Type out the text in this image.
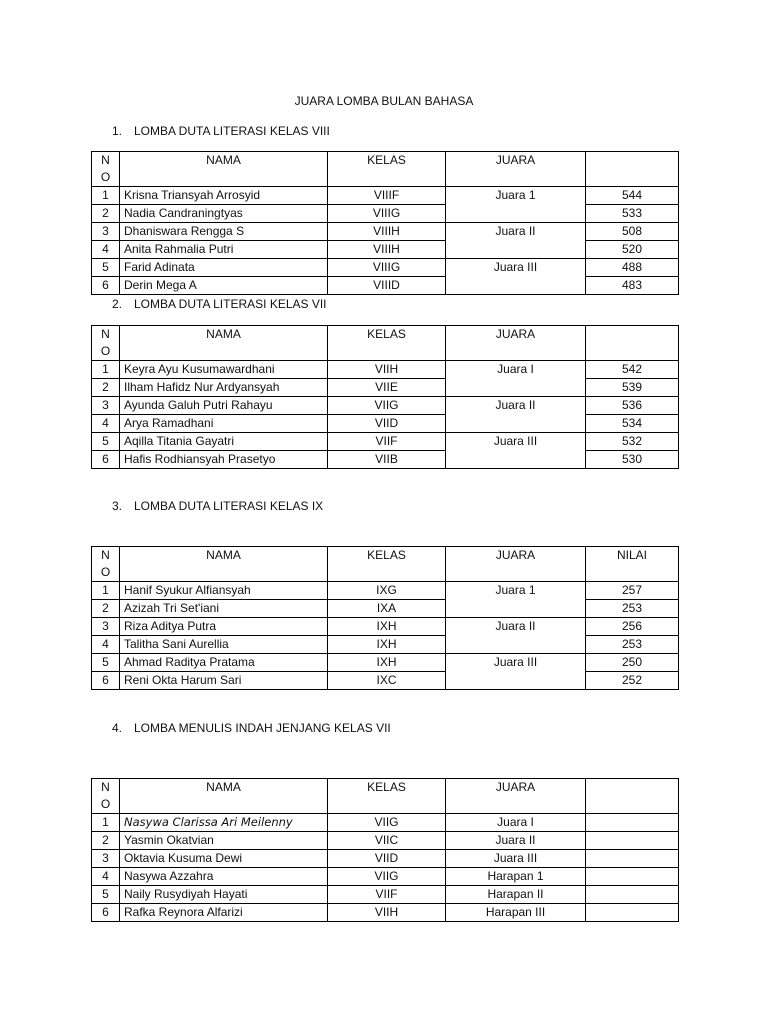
JUARA LOMBA BULAN BAHASA
1. LOMBA DUTA LITERASI KELAS VIII
N
O	NAMA	KELAS	JUARA	
1	Krisna Triansyah Arrosyid	VIIIF	Juara 1	544
2	Nadia Candraningtyas	VIIIG		533
3	Dhaniswara Rengga S	VIIIH	Juara II	508
4	Anita Rahmalia Putri	VIIIH		520
5	Farid Adinata	VIIIG	Juara III	488
6	Derin Mega A	VIIID		483
2. LOMBA DUTA LITERASI KELAS VII
N
O	NAMA	KELAS	JUARA	
1	Keyra Ayu Kusumawardhani	VIIH	Juara I	542
2	Ilham Hafidz Nur Ardyansyah	VIIE		539
3	Ayunda Galuh Putri Rahayu	VIIG	Juara II	536
4	Arya Ramadhani	VIID		534
5	Aqilla Titania Gayatri	VIIF	Juara III	532
6	Hafis Rodhiansyah Prasetyo	VIIB		530
3. LOMBA DUTA LITERASI KELAS IX
N
O	NAMA	KELAS	JUARA	NILAI
1	Hanif Syukur Alfiansyah	IXG	Juara 1	257
2	Azizah Tri Set'iani	IXA		253
3	Riza Aditya Putra	IXH	Juara II	256
4	Talitha Sani Aurellia	IXH		253
5	Ahmad Raditya Pratama	IXH	Juara III	250
6	Reni Okta Harum Sari	IXC		252
4. LOMBA MENULIS INDAH JENJANG KELAS VII
N
O	NAMA	KELAS	JUARA	
1	Nasywa Clarissa Ari Meilenny	VIIG	Juara I	
2	Yasmin Okatvian	VIIC	Juara II	
3	Oktavia Kusuma Dewi	VIID	Juara III	
4	Nasywa Azzahra	VIIG	Harapan 1	
5	Naily Rusydiyah Hayati	VIIF	Harapan II	
6	Rafka Reynora Alfarizi	VIIH	Harapan III	
